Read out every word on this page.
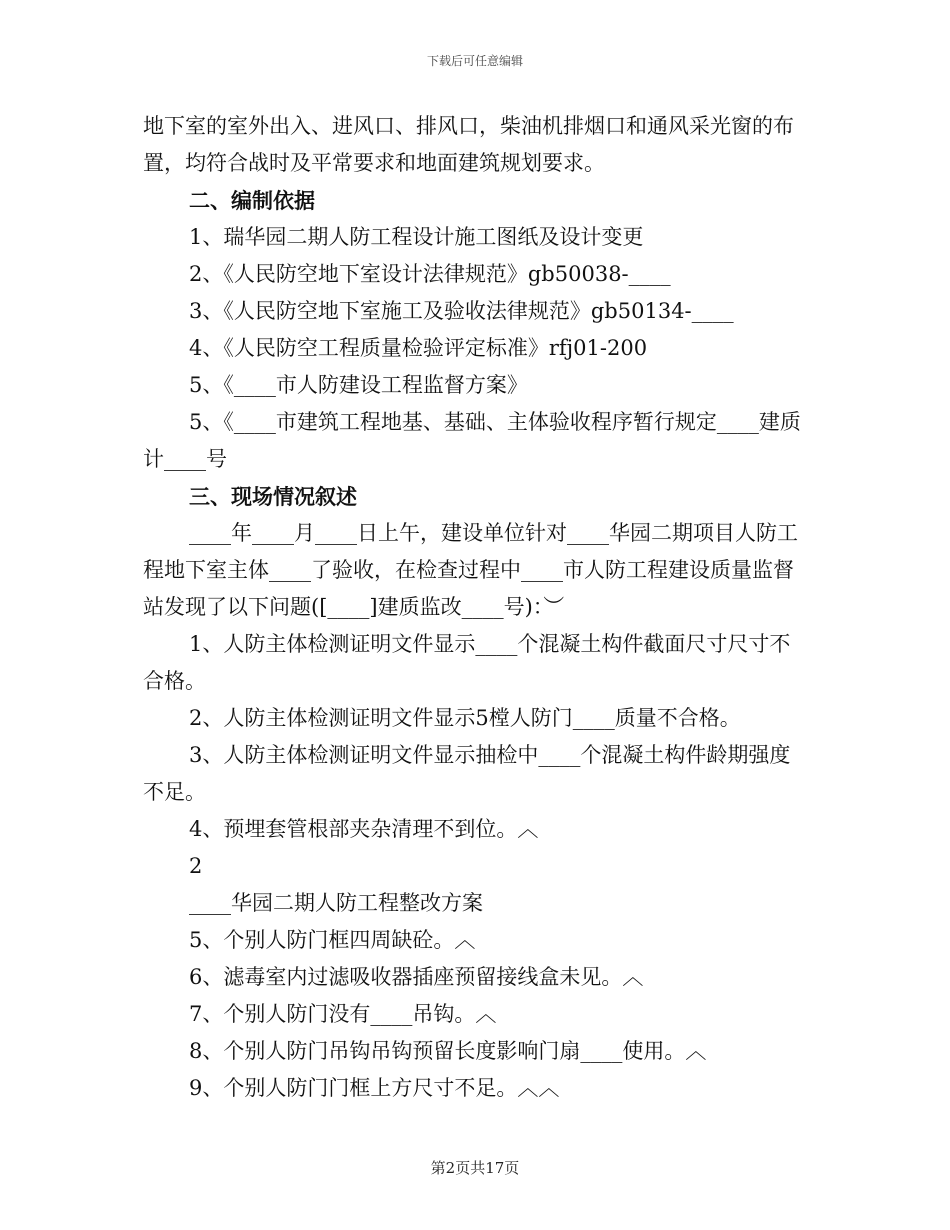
下载后可任意编辑

地下室的室外出入、进风口、排风口，柴油机排烟口和通风采光窗的布置，均符合战时及平常要求和地面建筑规划要求。

二、编制依据

1、瑞华园二期人防工程设计施工图纸及设计变更

2、《人民防空地下室设计法律规范》gb50038-____

3、《人民防空地下室施工及验收法律规范》gb50134-____

4、《人民防空工程质量检验评定标准》rfj01-200

5、《____市人防建设工程监督方案》

5、《____市建筑工程地基、基础、主体验收程序暂行规定____建质计____号

三、现场情况叙述

____年____月____日上午，建设单位针对____华园二期项目人防工程地下室主体____了验收，在检查过程中____市人防工程建设质量监督站发现了以下问题([____]建质监改____号)：︶

1、人防主体检测证明文件显示____个混凝土构件截面尺寸尺寸不合格。

2、人防主体检测证明文件显示5樘人防门____质量不合格。

3、人防主体检测证明文件显示抽检中____个混凝土构件龄期强度不足。

4、预埋套管根部夹杂清理不到位。︿

2

____华园二期人防工程整改方案

5、个别人防门框四周缺砼。︿

6、滤毒室内过滤吸收器插座预留接线盒未见。︿

7、个别人防门没有____吊钩。︿

8、个别人防门吊钩吊钩预留长度影响门扇____使用。︿

9、个别人防门门框上方尺寸不足。︿︿

第2页共17页
